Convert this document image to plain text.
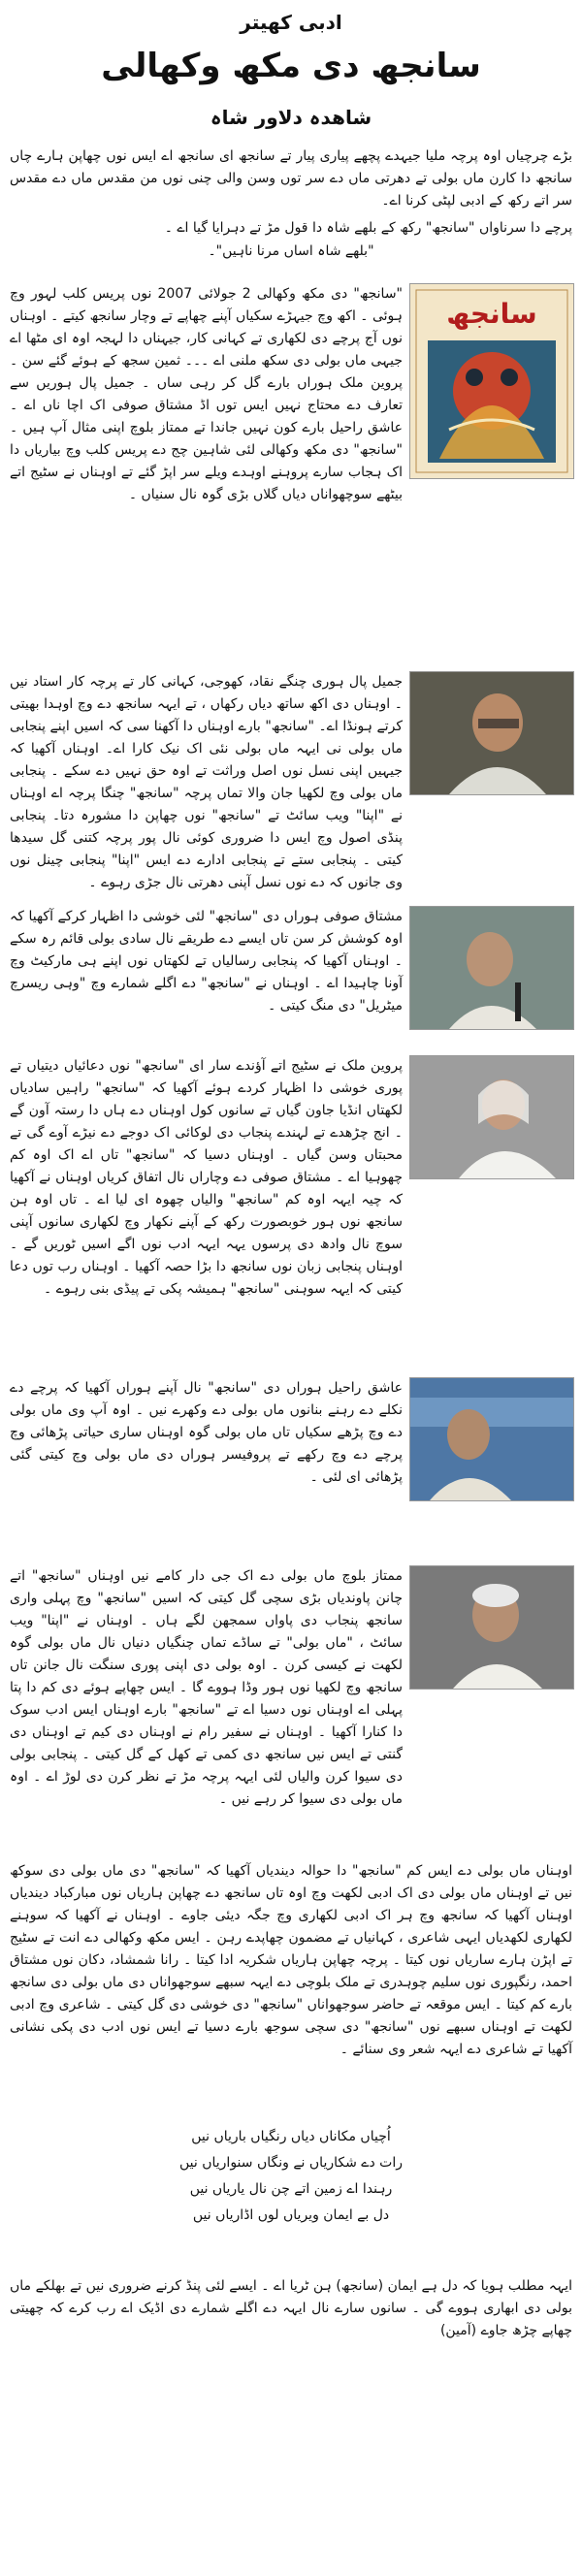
ادبی کھیتر
سانجھ دی مکھ وکھالی
شاھدہ دلاور شاہ
بڑے چرچیاں اوہ پرچہ ملیا جیہدے پچھے پیاری پیار تے سانجھ ای سانجھ اے ایس نوں چھاپن ہارے چاں سانجھ دا کارن ماں بولی تے دھرتی ماں دے سر توں وسن والی چنی نوں من مقدس ماں دے مقدس سر اتے رکھ کے ادبی لپٹی کرنا اے۔
پرچے دا سرناواں "سانجھ" رکھ کے بلھے شاہ دا قول مڑ تے دہرایا گیا اے ۔
"بلھے شاہ اساں مرنا ناہیں"۔
سانجھ
"سانجھ" دی مکھ وکھالی 2 جولائی 2007 نوں پریس کلب لہور وچ ہوئی ۔ اکھ وچ جیہڑے سکیاں آپنے چھاپے تے وچار سانجھ کیتے ۔ اوہناں نوں آج پرچے دی لکھاری تے کہانی کار، جیہناں دا لہجہ اوہ ای مٹھا اے جیہی ماں بولی دی سکھ ملنی اے ۔۔۔ ثمین سجھ کے ہوئے گئے سن ۔ پروین ملک ہوراں بارے گل کر رہی ساں ۔ جمیل پال ہوریں سے تعارف دے محتاج نہیں ایس توں اڈ مشتاق صوفی اک اچا ناں اے ۔ عاشق راحیل بارے کون نہیں جاندا تے ممتاز بلوچ اپنی مثال آپ ہیں ۔ "سانجھ" دی مکھ وکھالی لئی شاہین چج دے پریس کلب وچ بیاریاں دا اک ہجاب سارے پروہنے اوہدے ویلے سر اپڑ گئے تے اوہناں نے سٹیج اتے بیٹھے سوچھواناں دیاں گلاں بڑی گوہ نال سنیاں ۔
جمیل پال ہوری چنگے نقاد، کھوجی، کہانی کار تے پرچہ کار استاد نیں ۔ اوہناں دی اکھ ساتھ دیاں رکھاں ، تے ایہہ سانجھ دے وچ اوہدا بھیتی کرتے ہونڈا اے۔ "سانجھ" بارے اوہناں دا آکھنا سی کہ اسیں اپنے پنجابی ماں بولی نی ایہہ ماں بولی نئی اک نیک کارا اے۔ اوہناں آکھیا کہ جیہیں اپنی نسل نوں اصل وراثت تے اوہ حق نہیں دے سکے ۔ پنجابی ماں بولی وچ لکھیا جان والا تماں پرچہ "سانجھ" چنگا پرچہ اے اوہناں نے "اپنا" ویب سائٹ تے "سانجھ" نوں چھاپن دا مشورہ دتا۔ پنجابی پنڈی اصول وچ ایس دا ضروری کوئی نال پور پرچہ کتنی گل سیدھا کیتی ۔ پنجابی ستے تے پنجابی ادارے دے ایس "اپنا" پنجابی چینل نوں وی جانوں کہ دے نوں نسل آپنی دھرتی نال جڑی رہوے ۔
مشتاق صوفی ہوراں دی "سانجھ" لئی خوشی دا اظہار کرکے آکھیا کہ اوہ کوشش کر سن تاں ایسے دے طریقے نال سادی بولی قائم رہ سکے ۔ اوہناں آکھیا کہ پنجابی رسالیاں تے لکھتاں نوں اپنے ہی مارکیٹ وچ آونا چاہیدا اے ۔ اوہناں نے "سانجھ" دے اگلے شمارے وچ "وہی ریسرچ میٹریل" دی منگ کیتی ۔
پروین ملک نے سٹیج اتے آؤندے سار ای "سانجھ" نوں دعائیاں دیتیاں تے پوری خوشی دا اظہار کردے ہوئے آکھیا کہ "سانجھ" راہیں سادیاں لکھتاں انڈیا جاون گیاں تے سانوں کول اوہناں دے ہاں دا رستہ آون گے ۔ انج چڑھدے تے لہندے پنجاب دی لوکائی اک دوجے دے نیڑے آوے گی تے محبتاں وسن گیاں ۔ اوہناں دسیا کہ "سانجھ" تاں اے اک اوہ کم چھوہیا اے ۔ مشتاق صوفی دے وچاراں نال اتفاق کریاں اوہناں نے آکھیا کہ چیہ ایہہ اوہ کم "سانجھ" والیاں چھوہ ای لیا اے ۔ تاں اوہ ہن سانجھ نوں ہور خوبصورت رکھ کے آپنے نکھار وچ لکھاری سانوں آپنی سوچ نال وادھ دی پرسوں یہہ ایہہ ادب نوں اگے اسیں ٹوریں گے ۔ اوہناں پنجابی زبان نوں سانجھ دا بڑا حصہ آکھیا ۔ اوہناں رب توں دعا کیتی کہ ایہہ سوہنی "سانجھ" ہمیشہ پکی تے پیڈی بنی رہوے ۔
عاشق راحیل ہوراں دی "سانجھ" نال آپنے ہوراں آکھیا کہ پرچے دے نکلے دے رہنے بنانوں ماں بولی دے وکھرے نیں ۔ اوہ آپ وی ماں بولی دے وچ پڑھے سکیاں تاں ماں بولی گوہ اوہناں ساری حیاتی پڑھائی وچ پرچے دے وچ رکھے تے پروفیسر ہوراں دی ماں بولی وچ کیتی گئی پڑھائی ای لئی ۔
ممتاز بلوچ ماں بولی دے اک جی دار کامے نیں اوہناں "سانجھ" اتے چانن پاوندیاں بڑی سچی گل کیتی کہ اسیں "سانجھ" وچ پہلی واری سانجھ پنجاب دی پاواں سمجھن لگے ہاں ۔ اوہناں نے "اپنا" ویب سائٹ ، "ماں بولی" تے ساڈے تماں چنگیاں دنیاں نال ماں بولی گوہ لکھت نے کیسی کرن ۔ اوہ بولی دی اپنی پوری سنگت نال جانن تاں سانجھ وچ لکھیا نوں ہور وڈا ہووے گا ۔ ایس چھاپے ہوئے دی کم دا پتا پہلی اے اوہناں نوں دسیا اے تے "سانجھ" بارے اوہناں ایس ادب سوک دا کنارا آکھیا ۔ اوہناں نے سفیر رام نے اوہناں دی کیم تے اوہناں دی گنتی تے ایس نیں سانجھ دی کمی تے کھل کے گل کیتی ۔ پنجابی بولی دی سیوا کرن والیاں لئی ایہہ پرچہ مڑ تے نظر کرن دی لوڑ اے ۔ اوہ ماں بولی دی سیوا کر رہے نیں ۔
اوہناں ماں بولی دے ایس کم "سانجھ" دا حوالہ دیندیاں آکھیا کہ "سانجھ" دی ماں بولی دی سوکھ نیں تے اوہناں ماں بولی دی اک ادبی لکھت وچ اوہ تاں سانجھ دے چھاپن ہاریاں نوں مبارکباد دیندیاں اوہناں آکھیا کہ سانجھ وچ ہر اک ادبی لکھاری وچ جگہ دیئی جاوے ۔ اوہناں نے آکھیا کہ سوہنے لکھاری لکھدیاں ایہی شاعری ، کہانیاں تے مضمون چھاپدے رہن ۔ ایس مکھ وکھالی دے انت تے سٹیج تے اپڑن ہارے ساریاں نوں کیتا ۔ پرچہ چھاپن ہاریاں شکریہ ادا کیتا ۔ رانا شمشاد، دکان نوں مشتاق احمد، رنگپوری نوں سلیم چوہدری تے ملک بلوچی دے ایہہ سبھے سوجھواناں دی ماں بولی دی سانجھ بارے کم کیتا ۔ ایس موقعہ تے حاضر سوجھواناں "سانجھ" دی خوشی دی گل کیتی ۔ شاعری وچ ادبی لکھت تے اوہناں سبھے نوں "سانجھ" دی سچی سوجھ بارے دسیا تے ایس نوں ادب دی پکی نشانی آکھیا تے شاعری دے ایہہ شعر وی سنائے ۔
اُچیاں مکاناں دیاں رنگیاں باریاں نیں
رات دے شکاریاں نے ونگاں سنواریاں نیں
رہندا اے زمین اتے چن نال یاریاں نیں
دل بے ایمان ویریاں لوں اڈاریاں نیں
ایہہ مطلب ہویا کہ دل ہے ایمان (سانجھ) ہن ٹریا اے ۔ ایسے لئی پنڈ کرنے ضروری نیں تے بھلکے ماں بولی دی ابھاری ہووے گی ۔ سانوں سارے نال ایہہ دے اگلے شمارے دی اڈیک اے رب کرے کہ چھیتی چھاپے چڑھ جاوے (آمین)
